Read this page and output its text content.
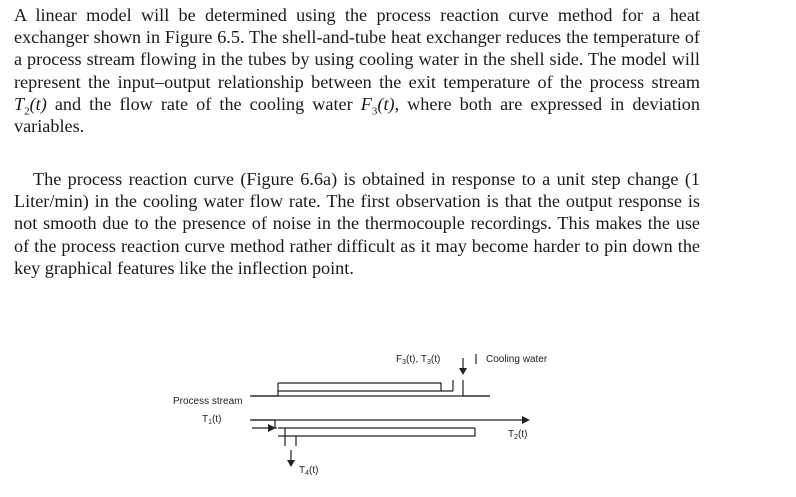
A linear model will be determined using the process reaction curve method for a heat exchanger shown in Figure 6.5. The shell-and-tube heat exchanger reduces the temperature of a process stream flowing in the tubes by using cooling water in the shell side. The model will represent the input–output relationship between the exit temperature of the process stream $T_2(t)$ and the flow rate of the cooling water $F_3(t)$, where both are expressed in deviation variables.

The process reaction curve (Figure 6.6a) is obtained in response to a unit step change (1 Liter/min) in the cooling water flow rate. The first observation is that the output response is not smooth due to the presence of noise in the thermocouple recordings. This makes the use of the process reaction curve method rather difficult as it may become harder to pin down the key graphical features like the inflection point.

$F_3(t)$, $T_3(t)$	Cooling water
Process stream
$T_1(t)$
$T_4(t)$
$T_2(t)$
